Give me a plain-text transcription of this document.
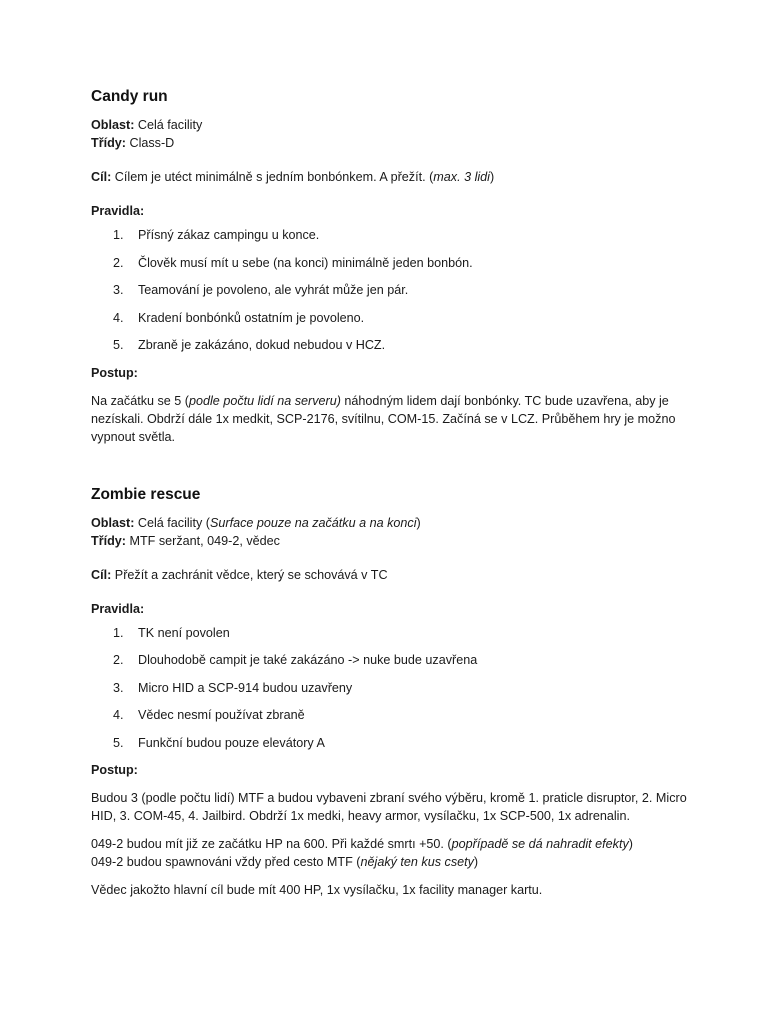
Candy run
Oblast: Celá facility
Třídy: Class-D
Cíl: Cílem je utéct minimálně s jedním bonbónkem. A přežít. (max. 3 lidi)
Pravidla:
1. Přísný zákaz campingu u konce.
2. Člověk musí mít u sebe (na konci) minimálně jeden bonbón.
3. Teamování je povoleno, ale vyhrát může jen pár.
4. Kradení bonbónků ostatním je povoleno.
5. Zbraně je zakázáno, dokud nebudou v HCZ.
Postup:

Na začátku se 5 (podle počtu lidí na serveru) náhodným lidem dají bonbónky. TC bude uzavřena, aby je nezískali. Obdrží dále 1x medkit, SCP-2176, svítilnu, COM-15. Začíná se v LCZ. Průběhem hry je možno vypnout světla.

Zombie rescue
Oblast: Celá facility (Surface pouze na začátku a na konci)
Třídy: MTF seržant, 049-2, vědec
Cíl: Přežít a zachránit vědce, který se schovává v TC
Pravidla:
1. TK není povolen
2. Dlouhodobě campit je také zakázáno -> nuke bude uzavřena
3. Micro HID a SCP-914 budou uzavřeny
4. Vědec nesmí používat zbraně
5. Funkční budou pouze elevátory A
Postup:

Budou 3 (podle počtu lidí) MTF a budou vybaveni zbraní svého výběru, kromě 1. praticle disruptor, 2. Micro HID, 3. COM-45, 4. Jailbird. Obdrží 1x medki, heavy armor, vysílačku, 1x SCP-500, 1x adrenalin.

049-2 budou mít již ze začátku HP na 600. Při každé smrtı +50. (popřípadě se dá nahradit efekty)
049-2 budou spawnováni vždy před cesto MTF (nějaký ten kus csety)

Vědec jakožto hlavní cíl bude mít 400 HP, 1x vysílačku, 1x facility manager kartu.
